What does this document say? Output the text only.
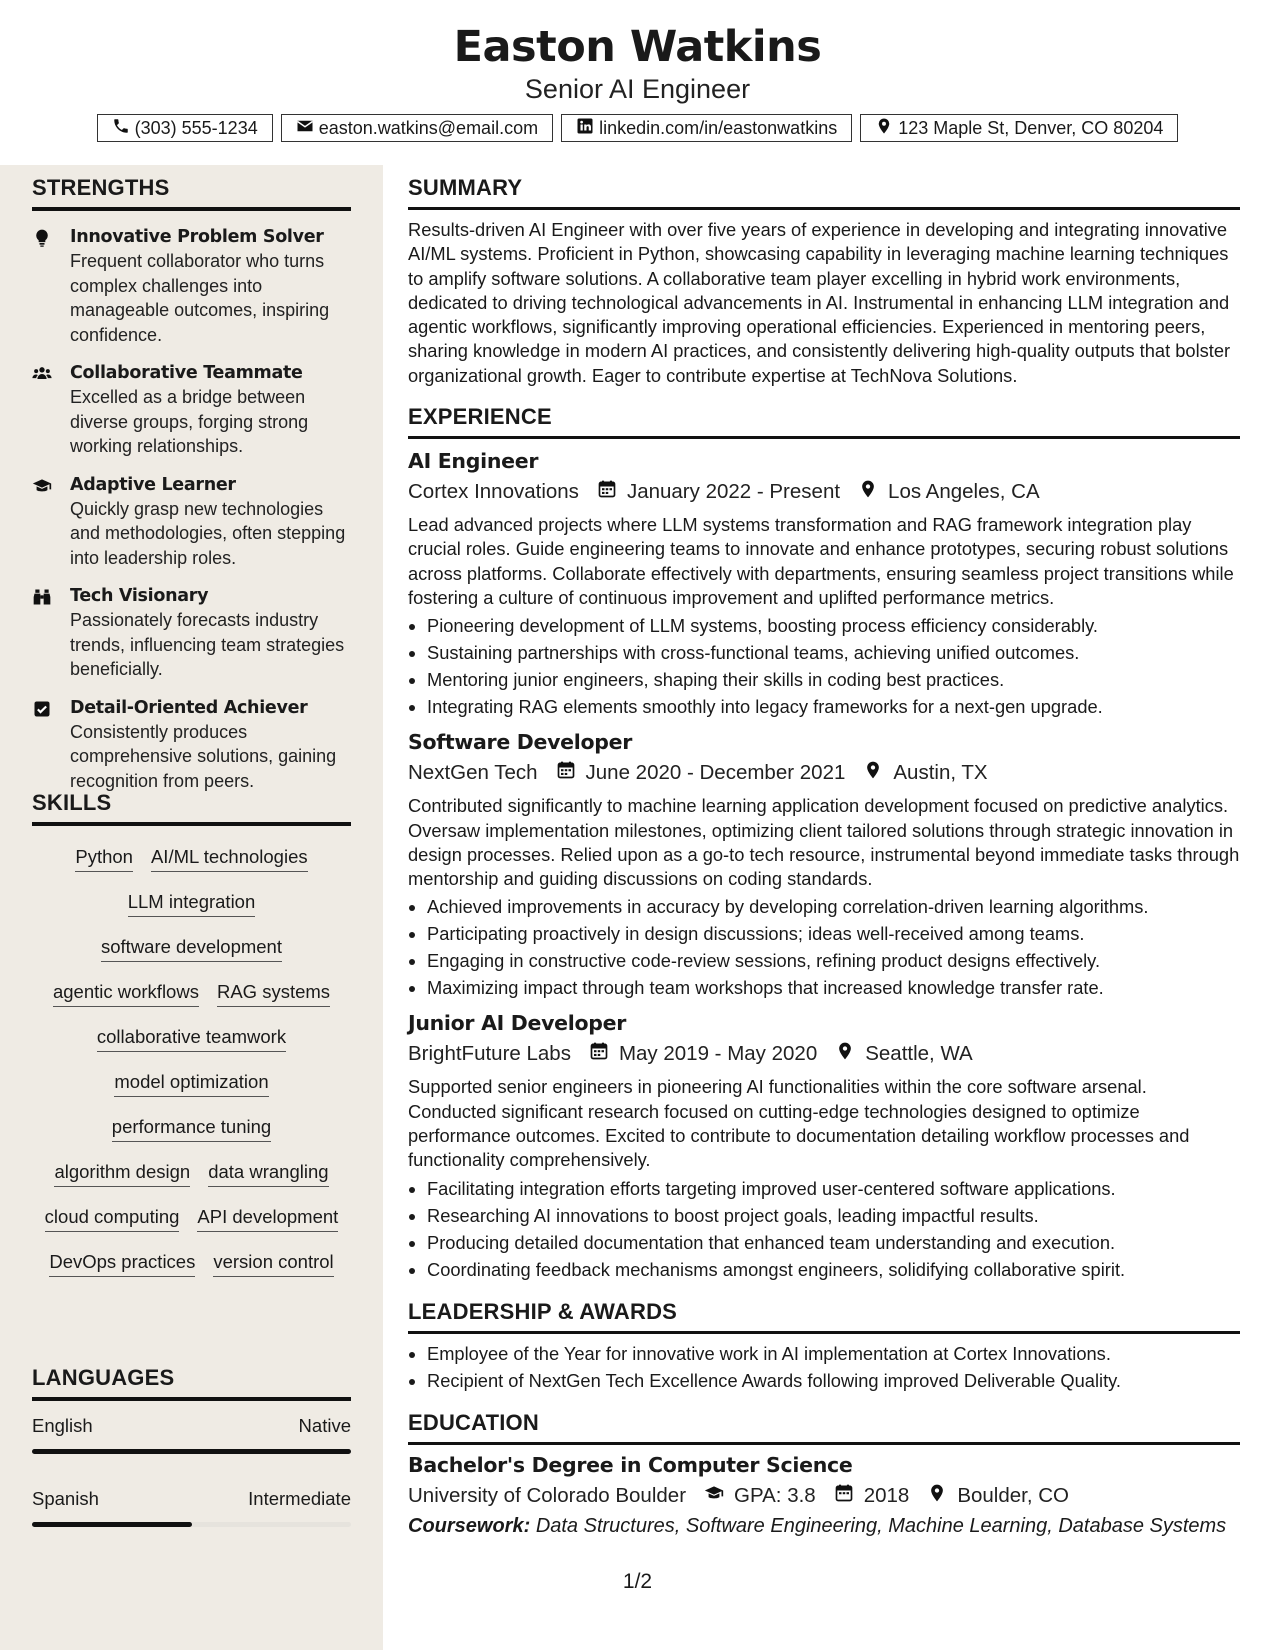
Easton Watkins
Senior AI Engineer
(303) 555-1234	easton.watkins@email.com	linkedin.com/in/eastonwatkins	123 Maple St, Denver, CO 80204
STRENGTHS
Innovative Problem Solver
Frequent collaborator who turns complex challenges into manageable outcomes, inspiring confidence.
Collaborative Teammate
Excelled as a bridge between diverse groups, forging strong working relationships.
Adaptive Learner
Quickly grasp new technologies and methodologies, often stepping into leadership roles.
Tech Visionary
Passionately forecasts industry trends, influencing team strategies beneficially.
Detail-Oriented Achiever
Consistently produces comprehensive solutions, gaining recognition from peers.
SKILLS
Python AI/ML technologies
LLM integration
software development
agentic workflows RAG systems
collaborative teamwork
model optimization
performance tuning
algorithm design data wrangling
cloud computing API development
DevOps practices version control
LANGUAGES
English	Native
Spanish	Intermediate
SUMMARY
Results-driven AI Engineer with over five years of experience in developing and integrating innovative AI/ML systems. Proficient in Python, showcasing capability in leveraging machine learning techniques to amplify software solutions. A collaborative team player excelling in hybrid work environments, dedicated to driving technological advancements in AI. Instrumental in enhancing LLM integration and agentic workflows, significantly improving operational efficiencies. Experienced in mentoring peers, sharing knowledge in modern AI practices, and consistently delivering high-quality outputs that bolster organizational growth. Eager to contribute expertise at TechNova Solutions.
EXPERIENCE
AI Engineer
Cortex Innovations January 2022 - Present Los Angeles, CA
Lead advanced projects where LLM systems transformation and RAG framework integration play crucial roles. Guide engineering teams to innovate and enhance prototypes, securing robust solutions across platforms. Collaborate effectively with departments, ensuring seamless project transitions while fostering a culture of continuous improvement and uplifted performance metrics.
• Pioneering development of LLM systems, boosting process efficiency considerably.
• Sustaining partnerships with cross-functional teams, achieving unified outcomes.
• Mentoring junior engineers, shaping their skills in coding best practices.
• Integrating RAG elements smoothly into legacy frameworks for a next-gen upgrade.
Software Developer
NextGen Tech June 2020 - December 2021 Austin, TX
Contributed significantly to machine learning application development focused on predictive analytics. Oversaw implementation milestones, optimizing client tailored solutions through strategic innovation in design processes. Relied upon as a go-to tech resource, instrumental beyond immediate tasks through mentorship and guiding discussions on coding standards.
• Achieved improvements in accuracy by developing correlation-driven learning algorithms.
• Participating proactively in design discussions; ideas well-received among teams.
• Engaging in constructive code-review sessions, refining product designs effectively.
• Maximizing impact through team workshops that increased knowledge transfer rate.
Junior AI Developer
BrightFuture Labs May 2019 - May 2020 Seattle, WA
Supported senior engineers in pioneering AI functionalities within the core software arsenal. Conducted significant research focused on cutting-edge technologies designed to optimize performance outcomes. Excited to contribute to documentation detailing workflow processes and functionality comprehensively.
• Facilitating integration efforts targeting improved user-centered software applications.
• Researching AI innovations to boost project goals, leading impactful results.
• Producing detailed documentation that enhanced team understanding and execution.
• Coordinating feedback mechanisms amongst engineers, solidifying collaborative spirit.
LEADERSHIP & AWARDS
• Employee of the Year for innovative work in AI implementation at Cortex Innovations.
• Recipient of NextGen Tech Excellence Awards following improved Deliverable Quality.
EDUCATION
Bachelor's Degree in Computer Science
University of Colorado Boulder GPA: 3.8 2018 Boulder, CO
Coursework: Data Structures, Software Engineering, Machine Learning, Database Systems
1/2
